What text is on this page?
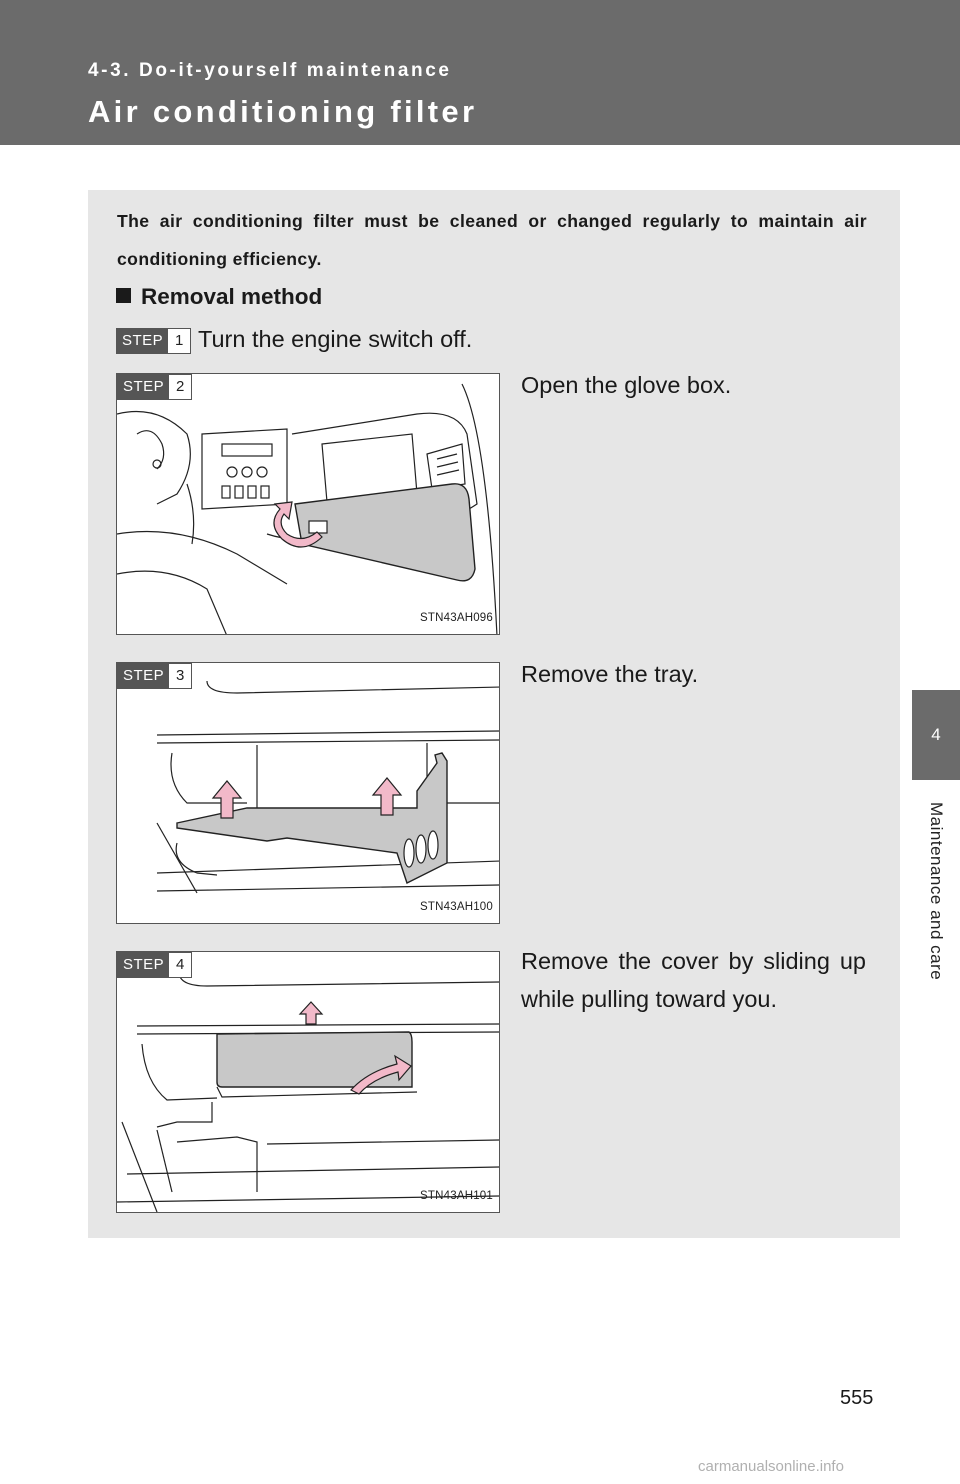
4-3. Do-it-yourself maintenance
Air conditioning filter
4
Maintenance and care
The air conditioning filter must be cleaned or changed regularly to maintain air conditioning efficiency.
Removal method
STEP 1 Turn the engine switch off.
STEP 2
STN43AH096
Open the glove box.
STEP 3
STN43AH100
Remove the tray.
STEP 4
STN43AH101
Remove the cover by sliding up while pulling toward you.
555
carmanualsonline.info
